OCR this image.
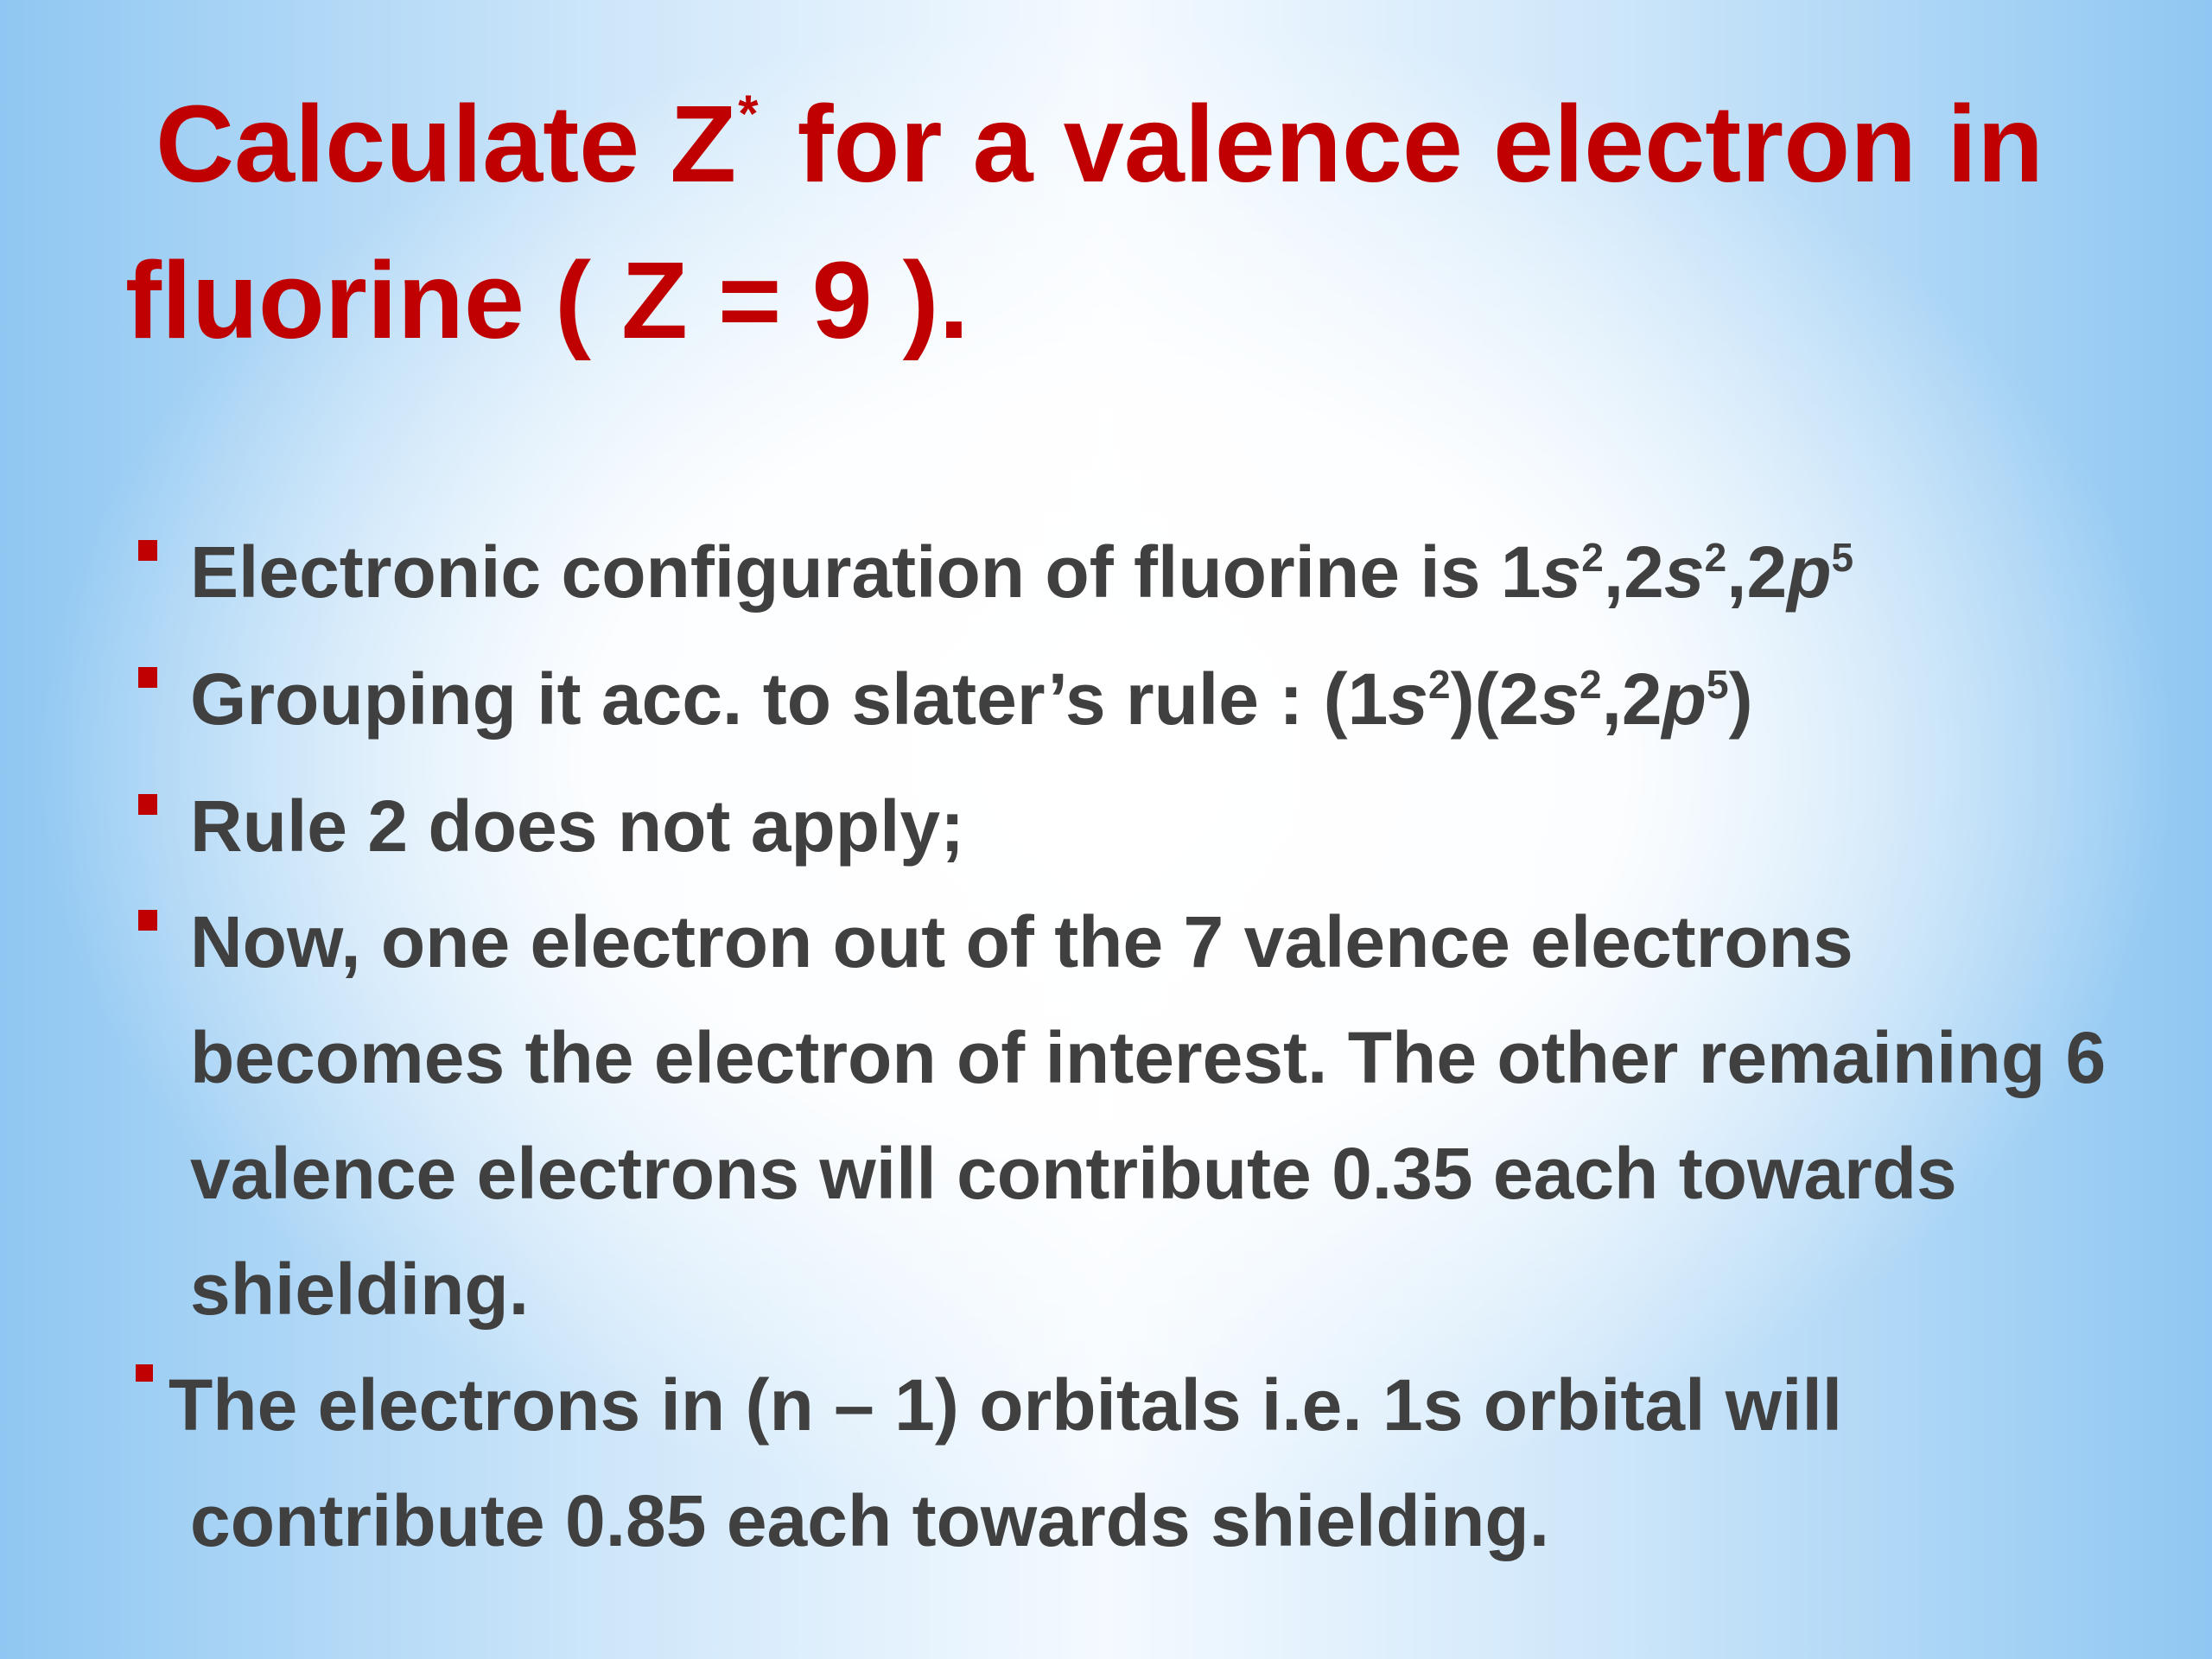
Calculate Z* for a valence electron in
fluorine ( Z = 9 ).
Electronic configuration of fluorine is $1s^2,2s^2,2p^5$
Grouping it acc. to slater’s rule : $(1s^2)(2s^2,2p^5)$
Rule 2 does not apply;
Now, one electron out of the 7 valence electrons becomes the electron of interest. The other remaining 6 valence electrons will contribute 0.35 each towards shielding.
The electrons in (n – 1) orbitals i.e. 1s orbital will
contribute 0.85 each towards shielding.
